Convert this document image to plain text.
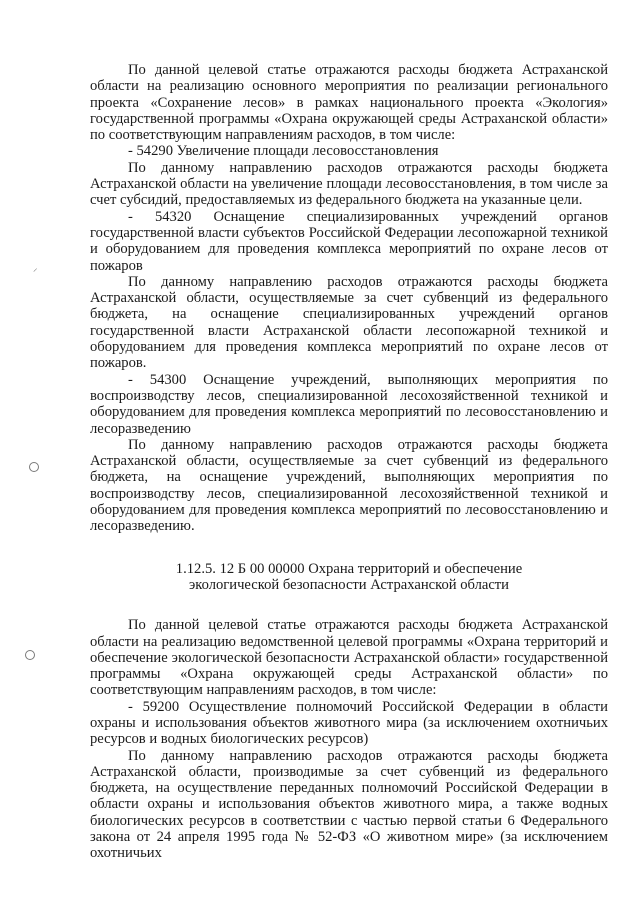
⸝

По данной целевой статье отражаются расходы бюджета Астраханской области на реализацию основного мероприятия по реализации регионального проекта «Сохранение лесов» в рамках национального проекта «Экология» государственной программы «Охрана окружающей среды Астраханской области» по соответствующим направлениям расходов, в том числе:

- 54290 Увеличение площади лесовосстановления

По данному направлению расходов отражаются расходы бюджета Астраханской области на увеличение площади лесовосстановления, в том числе за счет субсидий, предоставляемых из федерального бюджета на указанные цели.

- 54320 Оснащение специализированных учреждений органов государственной власти субъектов Российской Федерации лесопожарной техникой и оборудованием для проведения комплекса мероприятий по охране лесов от пожаров

По данному направлению расходов отражаются расходы бюджета Астраханской области, осуществляемые за счет субвенций из федерального бюджета, на оснащение специализированных учреждений органов государственной власти Астраханской области лесопожарной техникой и оборудованием для проведения комплекса мероприятий по охране лесов от пожаров.

- 54300 Оснащение учреждений, выполняющих мероприятия по воспроизводству лесов, специализированной лесохозяйственной техникой и оборудованием для проведения комплекса мероприятий по лесовосстановлению и лесоразведению

По данному направлению расходов отражаются расходы бюджета Астраханской области, осуществляемые за счет субвенций из федерального бюджета, на оснащение учреждений, выполняющих мероприятия по воспроизводству лесов, специализированной лесохозяйственной техникой и оборудованием для проведения комплекса мероприятий по лесовосстановлению и лесоразведению.

1.12.5. 12 Б 00 00000 Охрана территорий и обеспечение
экологической безопасности Астраханской области

По данной целевой статье отражаются расходы бюджета Астраханской области на реализацию ведомственной целевой программы «Охрана территорий и обеспечение экологической безопасности Астраханской области» государственной программы «Охрана окружающей среды Астраханской области» по соответствующим направлениям расходов, в том числе:

- 59200 Осуществление полномочий Российской Федерации в области охраны и использования объектов животного мира (за исключением охотничьих ресурсов и водных биологических ресурсов)

По данному направлению расходов отражаются расходы бюджета Астраханской области, производимые за счет субвенций из федерального бюджета, на осуществление переданных полномочий Российской Федерации в области охраны и использования объектов животного мира, а также водных биологических ресурсов в соответствии с частью первой статьи 6 Федерального закона от 24 апреля 1995 года № 52-ФЗ «О животном мире» (за исключением охотничьих
